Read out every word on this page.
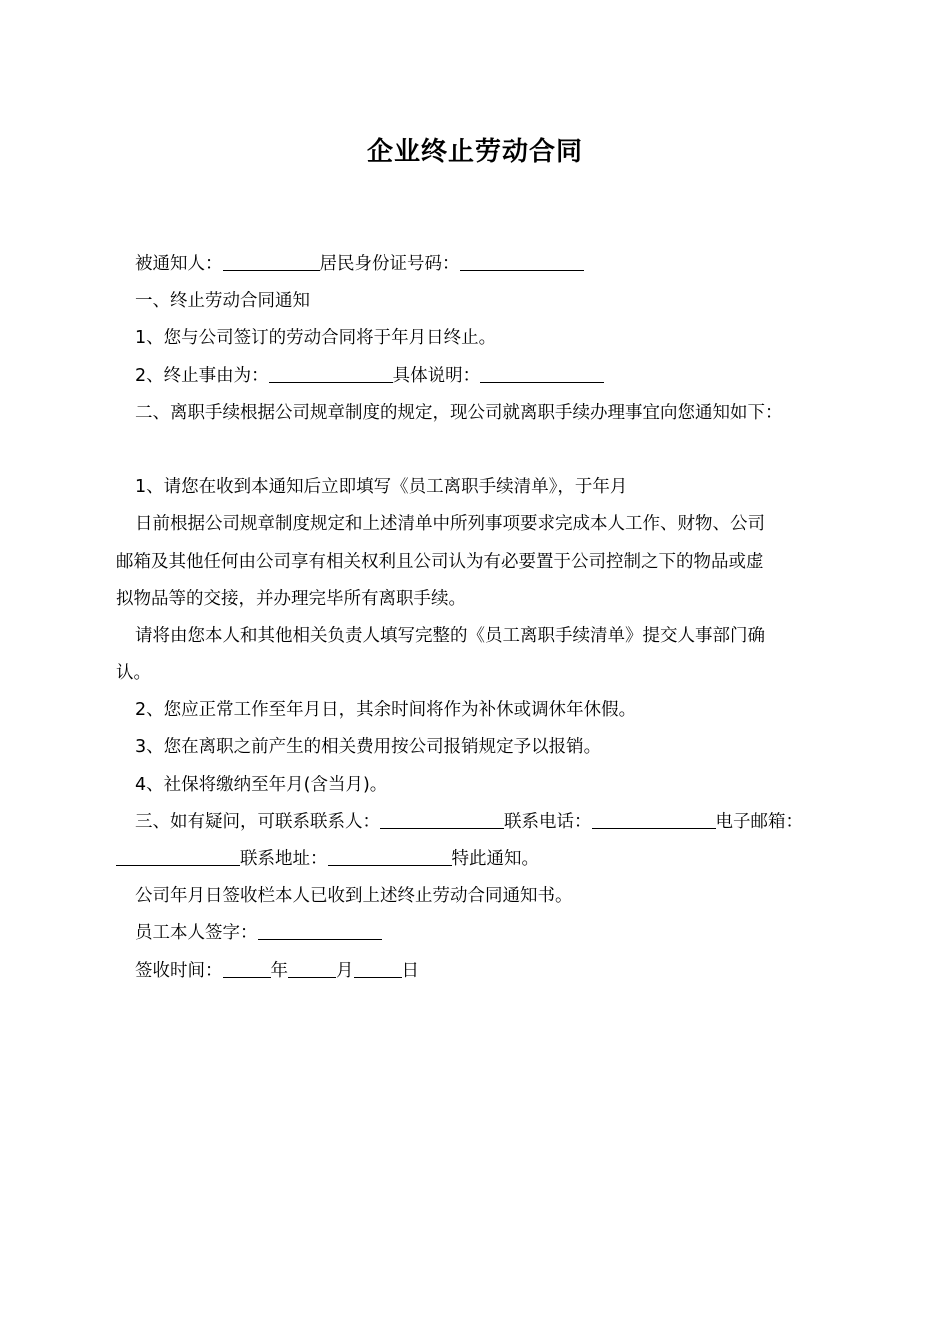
企业终止劳动合同
被通知人：	居民身份证号码：
一、终止劳动合同通知
1、您与公司签订的劳动合同将于年月日终止。
2、终止事由为：	具体说明：
二、离职手续根据公司规章制度的规定，现公司就离职手续办理事宜向您通知如下：
1、请您在收到本通知后立即填写《员工离职手续清单》，于年月
日前根据公司规章制度规定和上述清单中所列事项要求完成本人工作、财物、公司
邮箱及其他任何由公司享有相关权利且公司认为有必要置于公司控制之下的物品或虚
拟物品等的交接，并办理完毕所有离职手续。
请将由您本人和其他相关负责人填写完整的《员工离职手续清单》提交人事部门确
认。
2、您应正常工作至年月日，其余时间将作为补休或调休年休假。
3、您在离职之前产生的相关费用按公司报销规定予以报销。
4、社保将缴纳至年月(含当月)。
三、如有疑问，可联系联系人：	联系电话：	电子邮箱：
联系地址：	特此通知。
公司年月日签收栏本人已收到上述终止劳动合同通知书。
员工本人签字：
签收时间：	年	月	日
